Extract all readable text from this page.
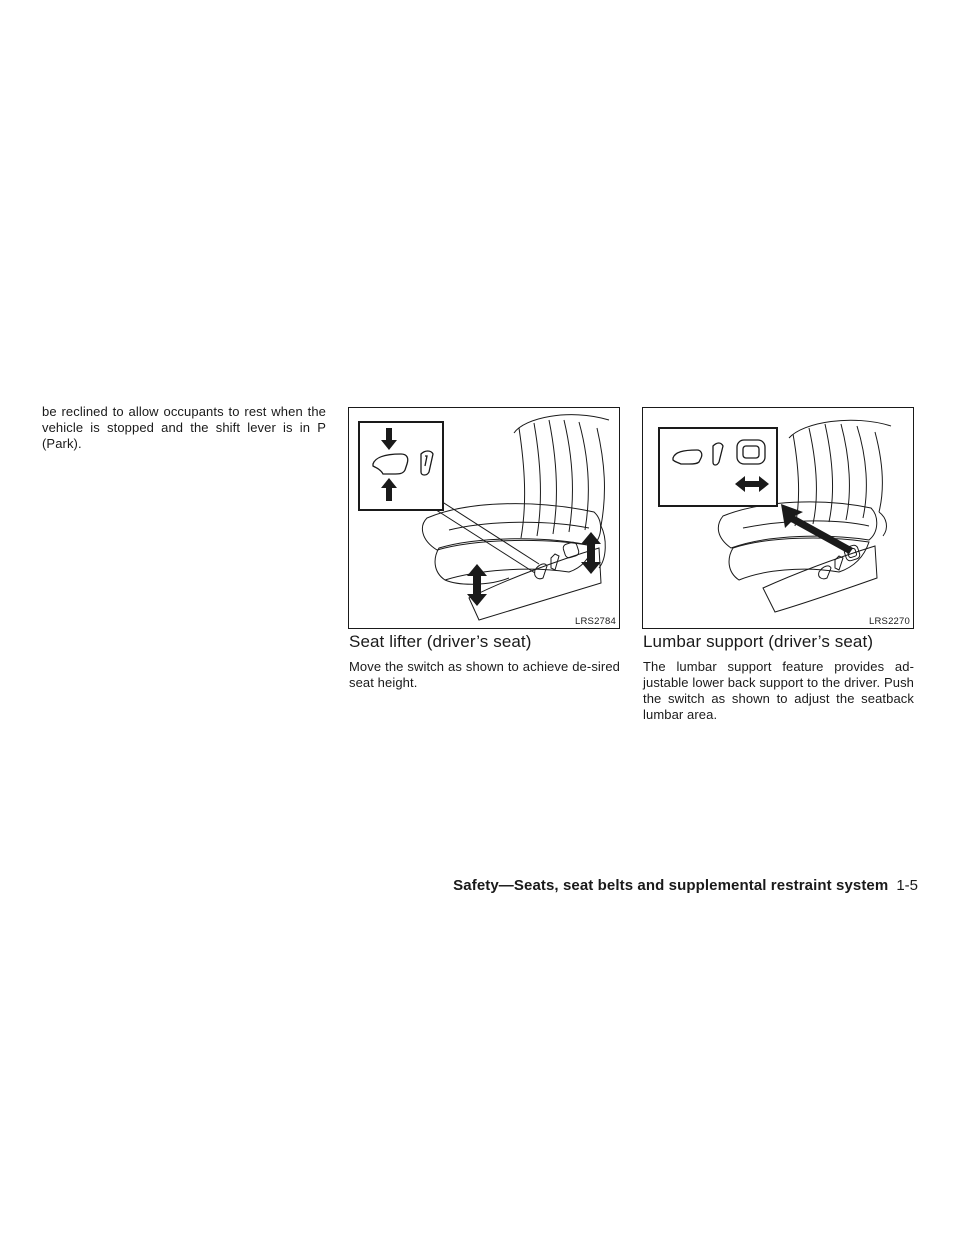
be reclined to allow occupants to rest when the vehicle is stopped and the shift lever is in P (Park).

LRS2784	LRS2270
Seat lifter (driver’s seat)

Move the switch as shown to achieve de-sired seat height.

Lumbar support (driver’s seat)

The lumbar support feature provides ad-justable lower back support to the driver. Push the switch as shown to adjust the seatback lumbar area.

Safety—Seats, seat belts and supplemental restraint system 1-5
